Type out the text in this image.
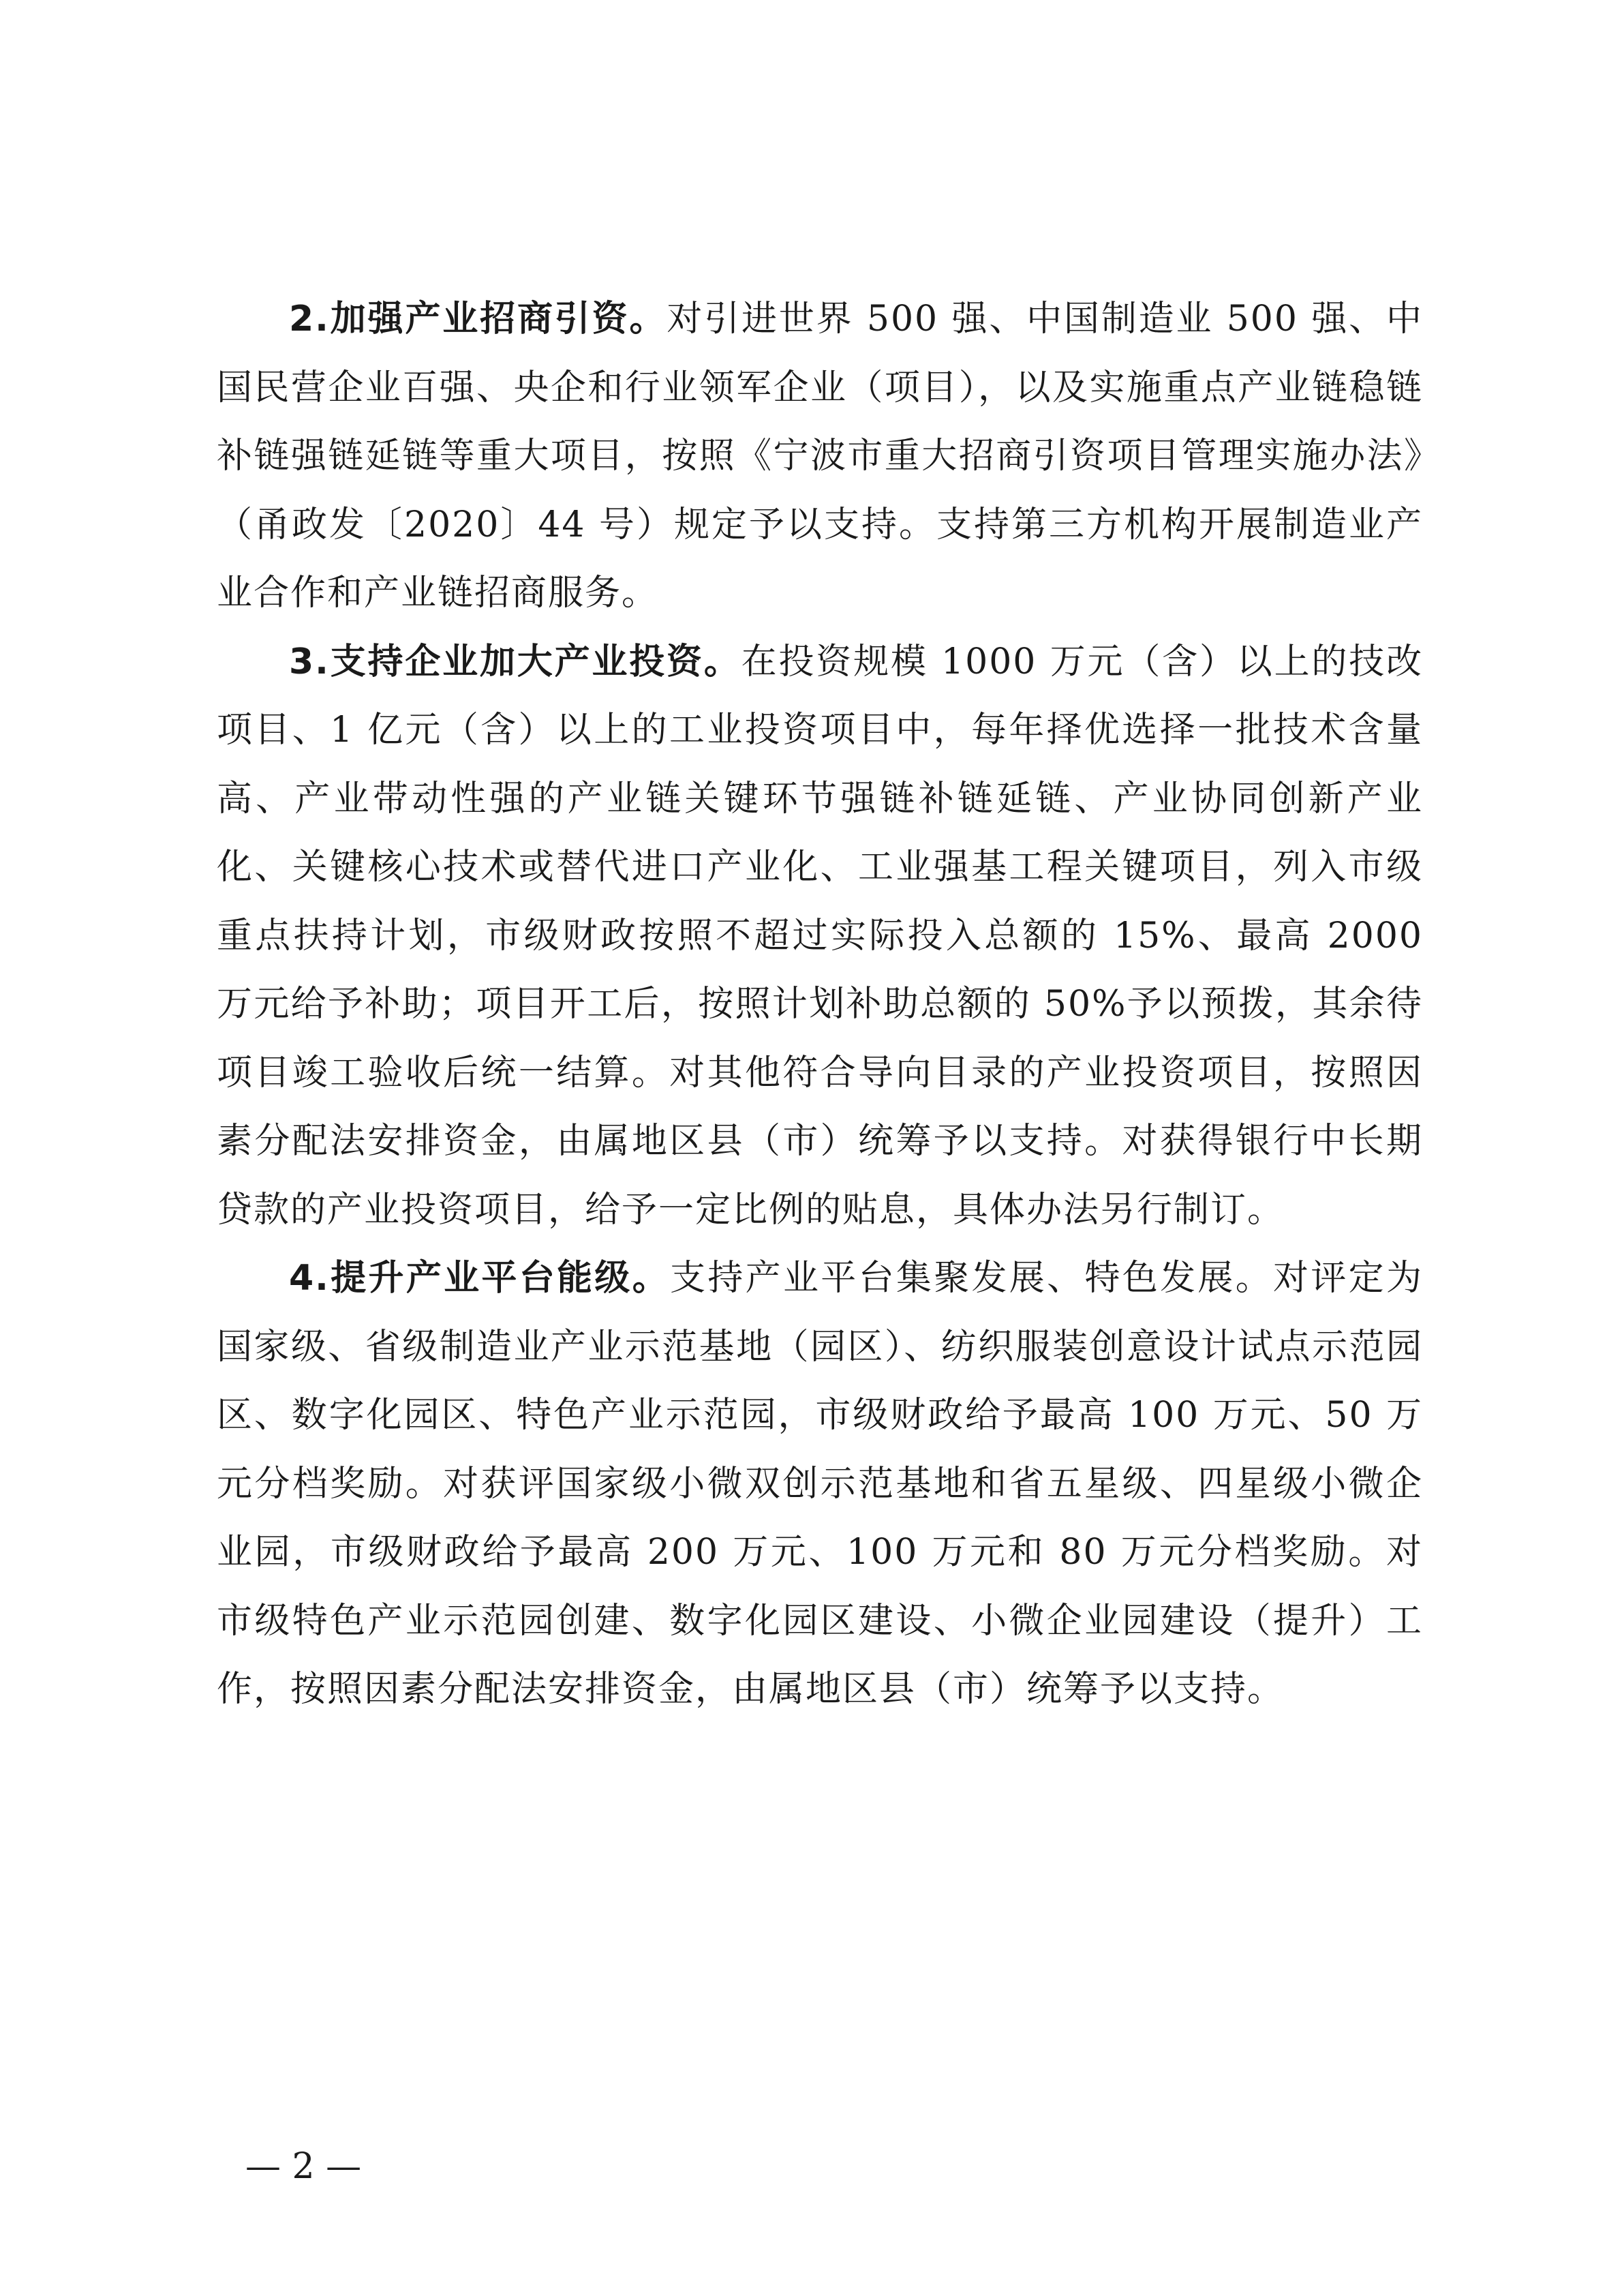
2.加强产业招商引资。对引进世界 500 强、中国制造业 500 强、中国民营企业百强、央企和行业领军企业（项目），以及实施重点产业链稳链补链强链延链等重大项目，按照《宁波市重大招商引资项目管理实施办法》（甬政发〔2020〕44 号）规定予以支持。支持第三方机构开展制造业产业合作和产业链招商服务。

3.支持企业加大产业投资。在投资规模 1000 万元（含）以上的技改项目、1 亿元（含）以上的工业投资项目中，每年择优选择一批技术含量高、产业带动性强的产业链关键环节强链补链延链、产业协同创新产业化、关键核心技术或替代进口产业化、工业强基工程关键项目，列入市级重点扶持计划，市级财政按照不超过实际投入总额的 15%、最高 2000 万元给予补助；项目开工后，按照计划补助总额的 50%予以预拨，其余待项目竣工验收后统一结算。对其他符合导向目录的产业投资项目，按照因素分配法安排资金，由属地区县（市）统筹予以支持。对获得银行中长期贷款的产业投资项目，给予一定比例的贴息，具体办法另行制订。

4.提升产业平台能级。支持产业平台集聚发展、特色发展。对评定为国家级、省级制造业产业示范基地（园区）、纺织服装创意设计试点示范园区、数字化园区、特色产业示范园，市级财政给予最高 100 万元、50 万元分档奖励。对获评国家级小微双创示范基地和省五星级、四星级小微企业园，市级财政给予最高 200 万元、100 万元和 80 万元分档奖励。对市级特色产业示范园创建、数字化园区建设、小微企业园建设（提升）工作，按照因素分配法安排资金，由属地区县（市）统筹予以支持。

— 2 —
